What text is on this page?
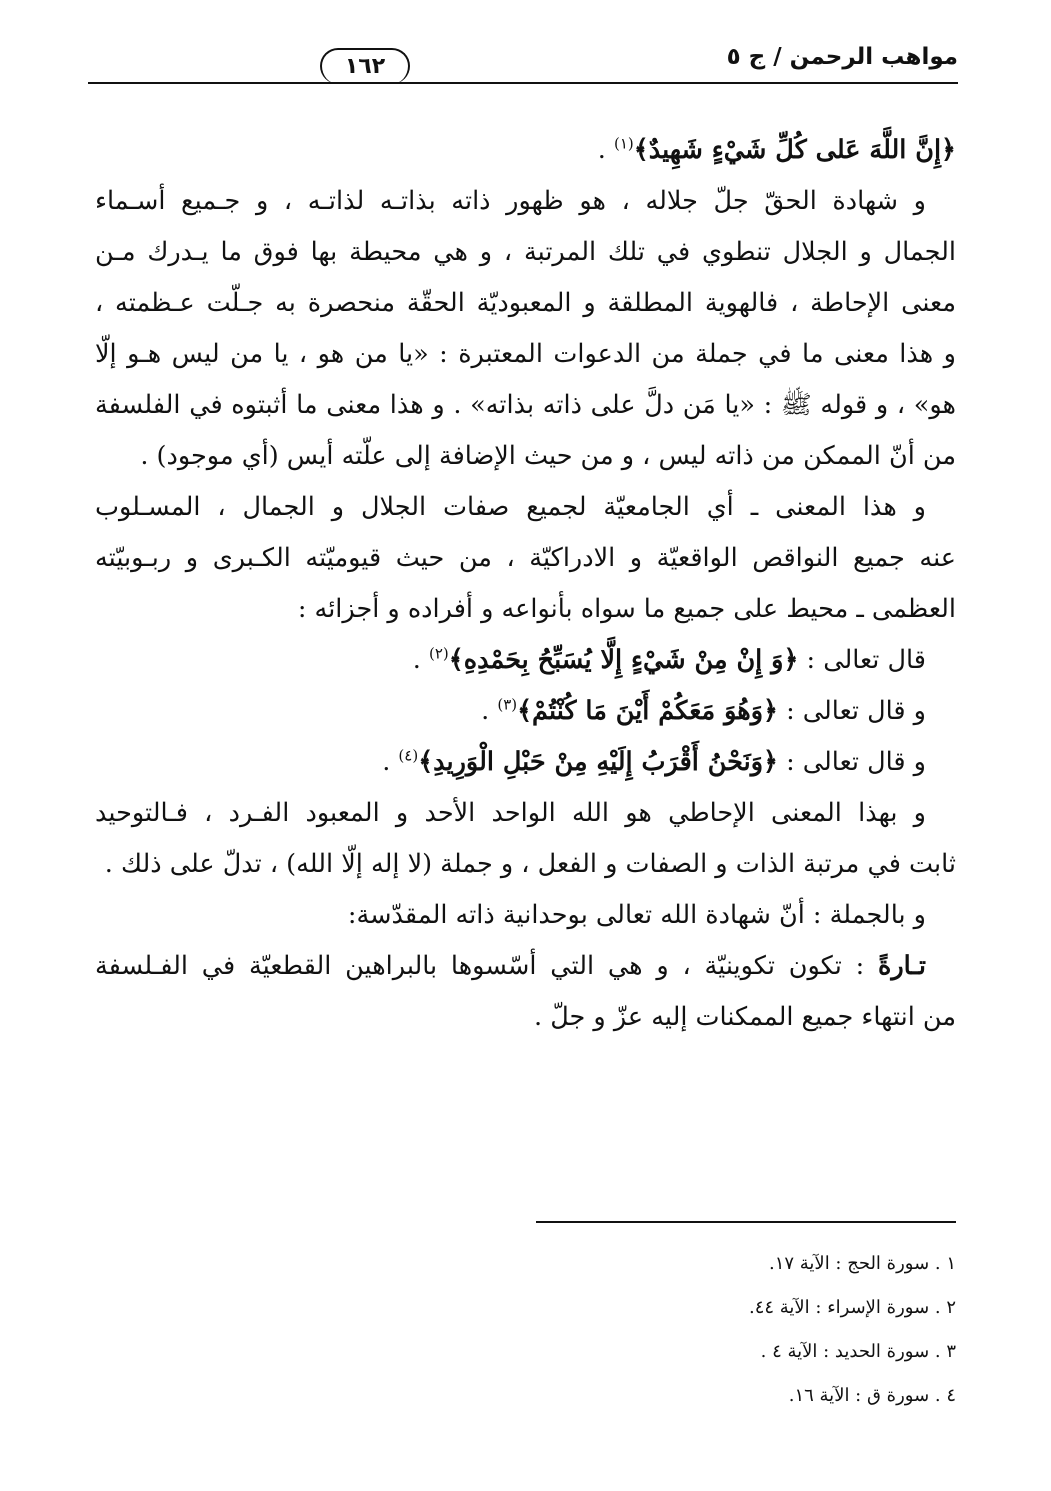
مواهب الرحمن / ج ٥
١٦٢
﴿إِنَّ اللَّهَ عَلى كُلِّ شَيْءٍ شَهِيدٌ﴾$^{(١)}$ .
و شهادة الحقّ جلّ جلاله ، هو ظهور ذاته بذاتـه لذاتـه ، و جـميع أسـماء
الجمال و الجلال تنطوي في تلك المرتبة ، و هي محيطة بها فوق ما يـدرك مـن
معنى الإحاطة ، فالهوية المطلقة و المعبوديّة الحقّة منحصرة به جـلّت عـظمته ،
و هذا معنى ما في جملة من الدعوات المعتبرة : «يا من هو ، يا من ليس هـو إلّا
هو» ، و قوله ﷺ : «يا مَن دلَّ على ذاته بذاته» . و هذا معنى ما أثبتوه في الفلسفة
من أنّ الممكن من ذاته ليس ، و من حيث الإضافة إلى علّته أيس (أي موجود) .
و هذا المعنى ـ أي الجامعيّة لجميع صفات الجلال و الجمال ، المسـلوب
عنه جميع النواقص الواقعيّة و الادراكيّة ، من حيث قيوميّته الكـبرى و ربـوبيّته
العظمى ـ محيط على جميع ما سواه بأنواعه و أفراده و أجزائه :
قال تعالى : ﴿وَ إِنْ مِنْ شَيْءٍ إِلَّا يُسَبِّحُ بِحَمْدِهِ﴾$^{(٢)}$ .
و قال تعالى : ﴿وَهُوَ مَعَكُمْ أَيْنَ مَا كُنْتُمْ﴾$^{(٣)}$ .
و قال تعالى : ﴿وَنَحْنُ أَقْرَبُ إِلَيْهِ مِنْ حَبْلِ الْوَرِيدِ﴾$^{(٤)}$ .
و بهذا المعنى الإحاطي هو الله الواحد الأحد و المعبود الفـرد ، فـالتوحيد
ثابت في مرتبة الذات و الصفات و الفعل ، و جملة (لا إله إلّا الله) ، تدلّ على ذلك .
و بالجملة : أنّ شهادة الله تعالى بوحدانية ذاته المقدّسة:
تـارةً : تكون تكوينيّة ، و هي التي أسّسوها بالبراهين القطعيّة في الفـلسفة
من انتهاء جميع الممكنات إليه عزّ و جلّ .
١ . سورة الحج : الآية ١٧.
٢ . سورة الإسراء : الآية ٤٤.
٣ . سورة الحديد : الآية ٤ .
٤ . سورة ق : الآية ١٦.
